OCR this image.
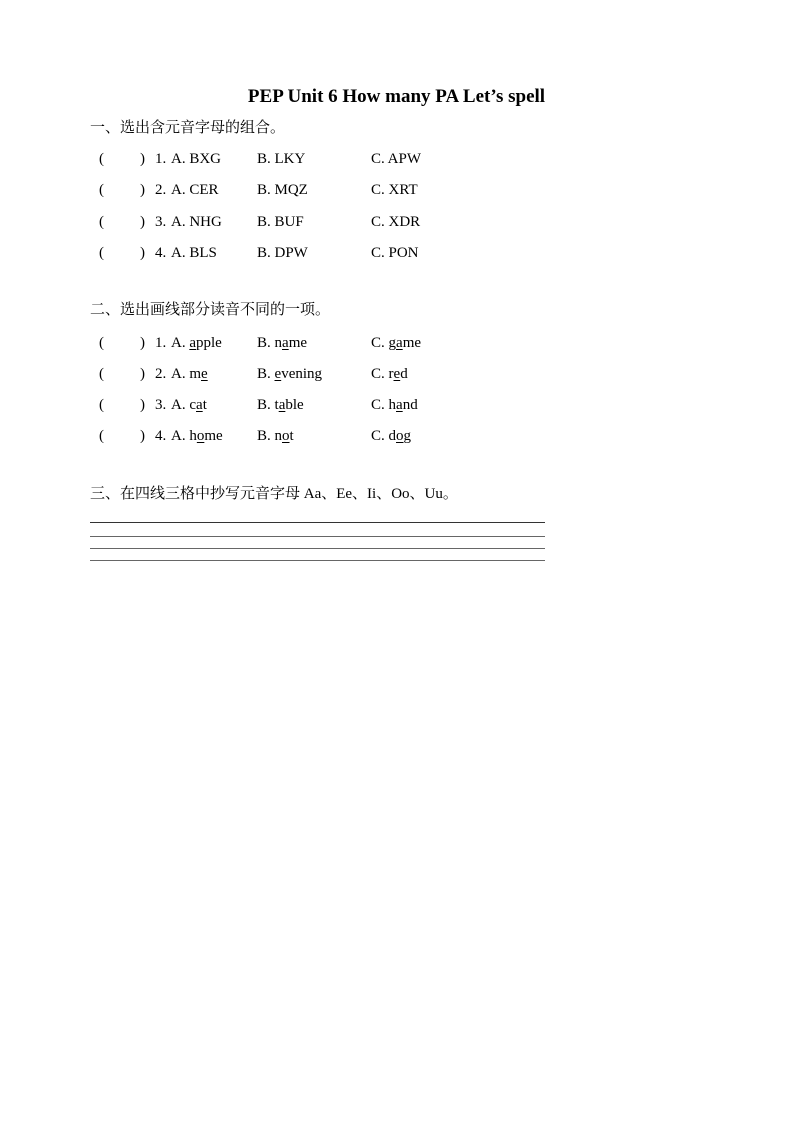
PEP Unit 6 How many PA Let’s spell
一、选出含元音字母的组合。
( ) 1. A. BXG B. LKY	C. APW
( ) 2. A. CER	B. MQZ	C. XRT
( ) 3. A. NHG B. BUF	C. XDR
( ) 4. A. BLS	B. DPW	C. PON
二、选出画线部分读音不同的一项。
( ) 1. A. apple B. name	C. game
( ) 2. A. me	B. evening	C. red
( ) 3. A. cat	B. table	C. hand
( ) 4. A. home B. not	C. dog
三、在四线三格中抄写元音字母 Aa、Ee、Ii、Oo、Uu。
